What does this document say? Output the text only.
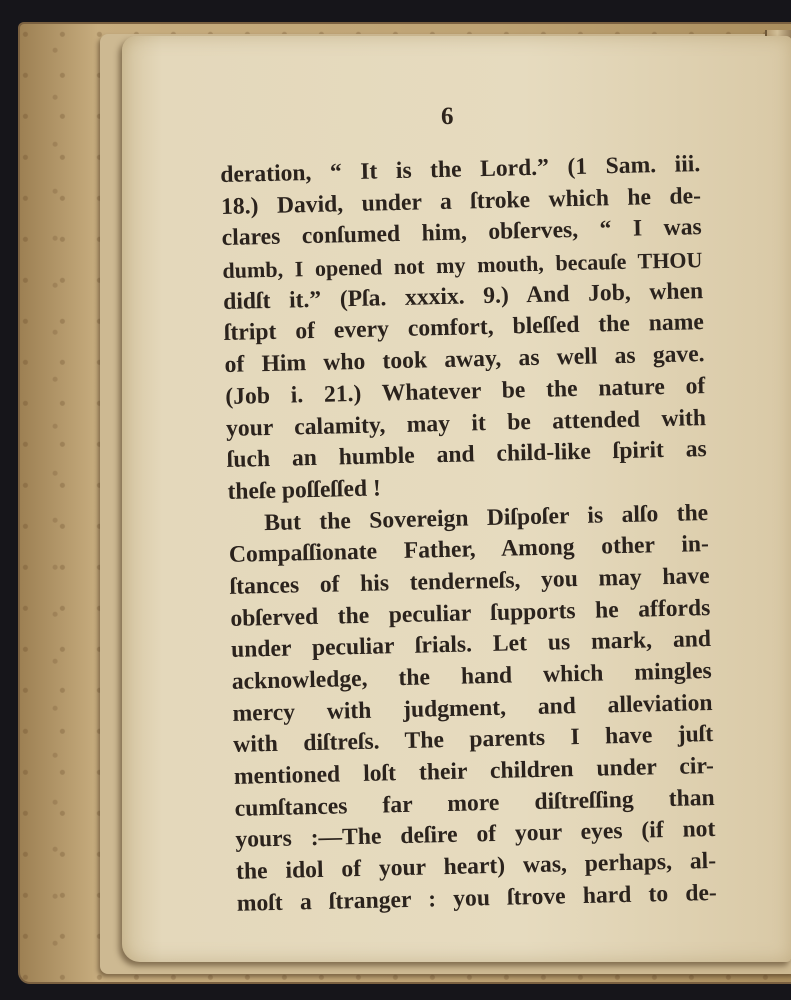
6
deration, “ It is the Lord.” (1 Sam. iii.
18.) David, under a ſtroke which he de-
clares conſumed him, obſerves, “ I was
dumb, I opened not my mouth, becauſe THOU
didſt it.” (Pſa. xxxix. 9.) And Job, when
ſtript of every comfort, bleſſed the name
of Him who took away, as well as gave.
(Job i. 21.) Whatever be the nature of
your calamity, may it be attended with
ſuch an humble and child-like ſpirit as
theſe poſſeſſed !
But the Sovereign Diſpoſer is alſo the
Compaſſionate Father, Among other in-
ſtances of his tenderneſs, you may have
obſerved the peculiar ſupports he affords
under peculiar ſrials. Let us mark, and
acknowledge, the hand which mingles
mercy with judgment, and alleviation
with diſtreſs. The parents I have juſt
mentioned loſt their children under cir-
cumſtances far more diſtreſſing than
yours :—The deſire of your eyes (if not
the idol of your heart) was, perhaps, al-
moſt a ſtranger : you ſtrove hard to de-
